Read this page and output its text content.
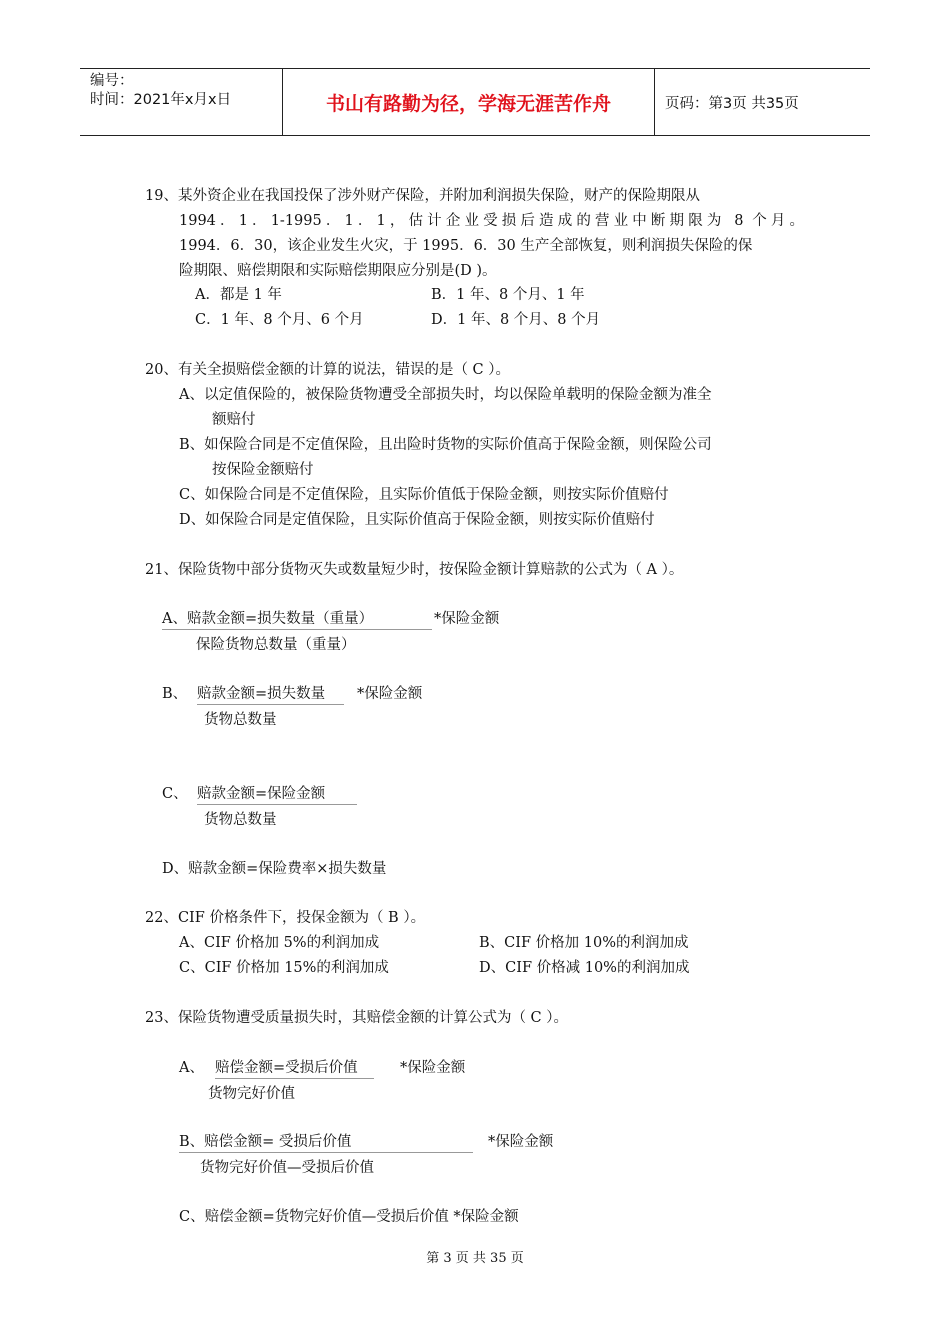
编号：
时间：2021年x月x日	书山有路勤为径，学海无涯苦作舟	页码：第3页 共35页
19、某外资企业在我国投保了涉外财产保险，并附加利润损失保险，财产的保险期限从
1994．1．1-1995．1．1，估计企业受损后造成的营业中断期限为 8 个月。
1994．6．30，该企业发生火灾，于 1995．6．30 生产全部恢复，则利润损失保险的保
险期限、赔偿期限和实际赔偿期限应分别是(D )。
A．都是 1 年	B．1 年、8 个月、1 年
C．1 年、8 个月、6 个月	D．1 年、8 个月、8 个月
20、有关全损赔偿金额的计算的说法，错误的是（ C ）。
A、以定值保险的，被保险货物遭受全部损失时，均以保险单载明的保险金额为准全
额赔付
B、如保险合同是不定值保险，且出险时货物的实际价值高于保险金额，则保险公司
按保险金额赔付
C、如保险合同是不定值保险，且实际价值低于保险金额，则按实际价值赔付
D、如保险合同是定值保险，且实际价值高于保险金额，则按实际价值赔付
21、保险货物中部分货物灭失或数量短少时，按保险金额计算赔款的公式为（ A ）。
A、赔款金额=损失数量（重量）	*保险金额
保险货物总数量（重量）
B、 赔款金额=损失数量	*保险金额
货物总数量
C、 赔款金额=保险金额
货物总数量
D、赔款金额=保险费率×损失数量
22、CIF 价格条件下，投保金额为（ B ）。
A、CIF 价格加 5%的利润加成	B、CIF 价格加 10%的利润加成
C、CIF 价格加 15%的利润加成	D、CIF 价格减 10%的利润加成
23、保险货物遭受质量损失时，其赔偿金额的计算公式为（ C ）。
A、 赔偿金额=受损后价值	*保险金额
货物完好价值
B、赔偿金额= 受损后价值	*保险金额
货物完好价值—受损后价值
C、赔偿金额=货物完好价值—受损后价值 *保险金额
第 3 页 共 35 页
